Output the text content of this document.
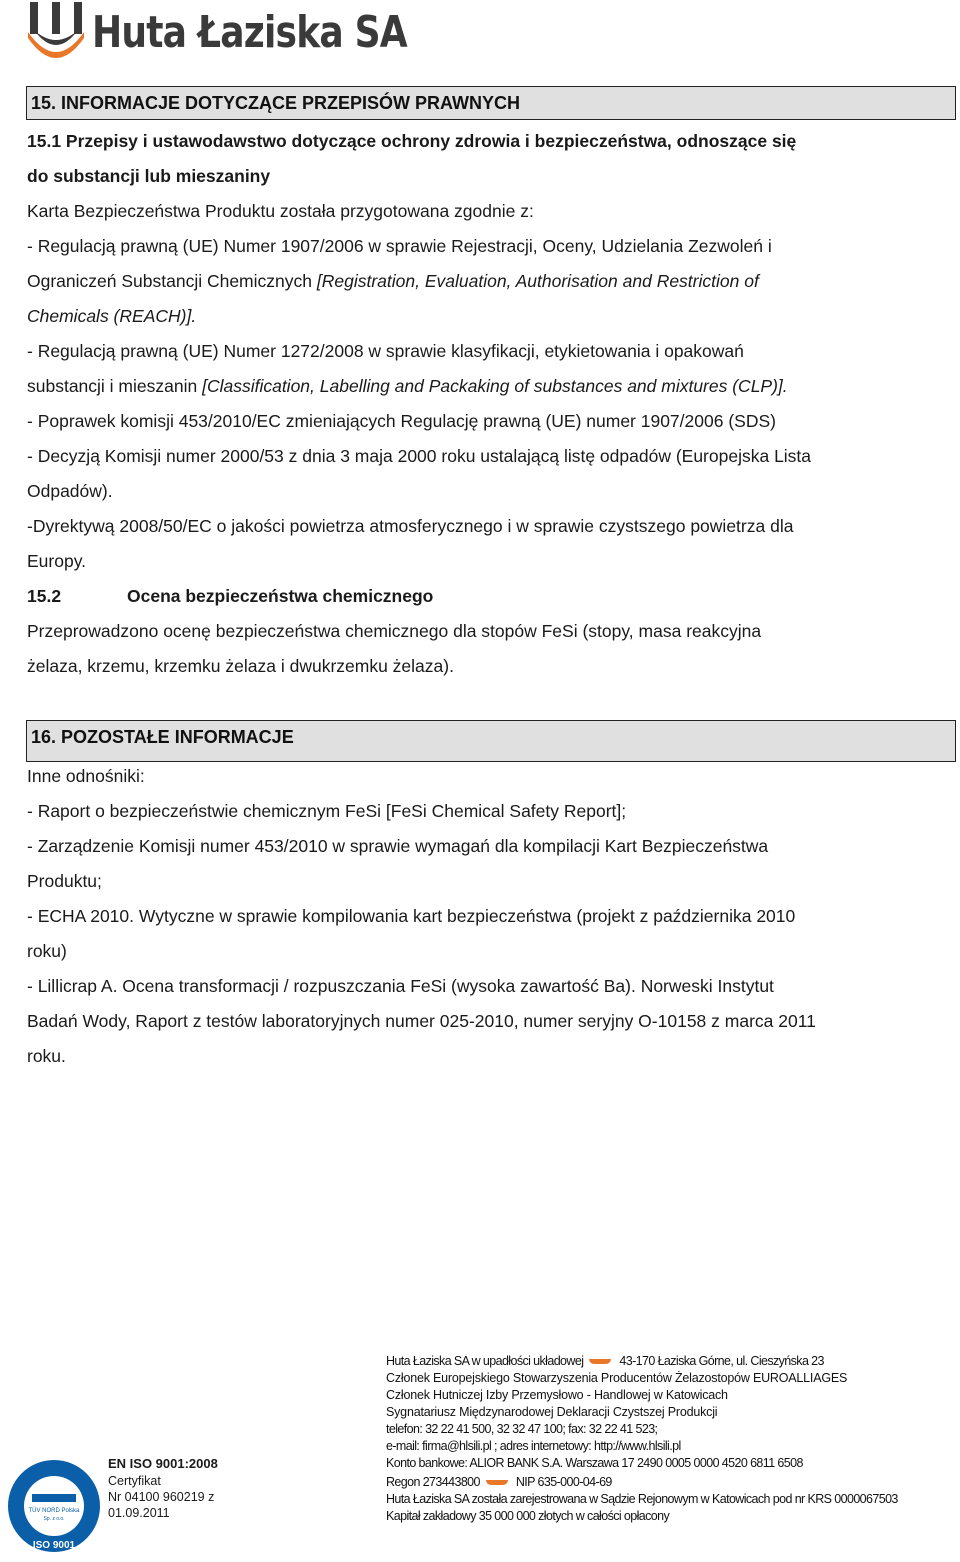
Huta Łaziska SA
15. INFORMACJE DOTYCZĄCE PRZEPISÓW PRAWNYCH
15.1 Przepisy i ustawodawstwo dotyczące ochrony zdrowia i bezpieczeństwa, odnoszące się
do substancji lub mieszaniny
Karta Bezpieczeństwa Produktu została przygotowana zgodnie z:
- Regulacją prawną (UE) Numer 1907/2006 w sprawie Rejestracji, Oceny, Udzielania Zezwoleń i
Ograniczeń Substancji Chemicznych [Registration, Evaluation, Authorisation and Restriction of
Chemicals (REACH)].
- Regulacją prawną (UE) Numer 1272/2008 w sprawie klasyfikacji, etykietowania i opakowań
substancji i mieszanin [Classification, Labelling and Packaking of substances and mixtures (CLP)].
- Poprawek komisji 453/2010/EC zmieniających Regulację prawną (UE) numer 1907/2006 (SDS)
- Decyzją Komisji numer 2000/53 z dnia 3 maja 2000 roku ustalającą listę odpadów (Europejska Lista
Odpadów).
-Dyrektywą 2008/50/EC o jakości powietrza atmosferycznego i w sprawie czystszego powietrza dla
Europy.
15.2	Ocena bezpieczeństwa chemicznego
Przeprowadzono ocenę bezpieczeństwa chemicznego dla stopów FeSi (stopy, masa reakcyjna
żelaza, krzemu, krzemku żelaza i dwukrzemku żelaza).
16. POZOSTAŁE INFORMACJE
Inne odnośniki:
- Raport o bezpieczeństwie chemicznym FeSi [FeSi Chemical Safety Report];
- Zarządzenie Komisji numer 453/2010 w sprawie wymagań dla kompilacji Kart Bezpieczeństwa
Produktu;
- ECHA 2010. Wytyczne w sprawie kompilowania kart bezpieczeństwa (projekt z października 2010
roku)
- Lillicrap A. Ocena transformacji / rozpuszczania FeSi (wysoka zawartość Ba). Norweski Instytut
Badań Wody, Raport z testów laboratoryjnych numer 025-2010, numer seryjny O-10158 z marca 2011
roku.
TÜV NORD Polska
Sp. z o.o.
ISO 9001
EN ISO 9001:2008
Certyfikat
Nr 04100 960219 z
01.09.2011
Huta Łaziska SA w upadłości układowej	43-170 Łaziska Górne, ul. Cieszyńska 23
Członek Europejskiego Stowarzyszenia Producentów Żelazostopów EUROALLIAGES
Członek Hutniczej Izby Przemysłowo - Handlowej w Katowicach
Sygnatariusz Międzynarodowej Deklaracji Czystszej Produkcji
telefon: 32 22 41 500, 32 32 47 100; fax: 32 22 41 523;
e-mail: firma@hlsili.pl ; adres internetowy: http://www.hlsili.pl
Konto bankowe: ALIOR BANK S.A. Warszawa 17 2490 0005 0000 4520 6811 6508
Regon 273443800	NIP 635-000-04-69
Huta Łaziska SA została zarejestrowana w Sądzie Rejonowym w Katowicach pod nr KRS 0000067503
Kapitał zakładowy 35 000 000 złotych w całości opłacony
